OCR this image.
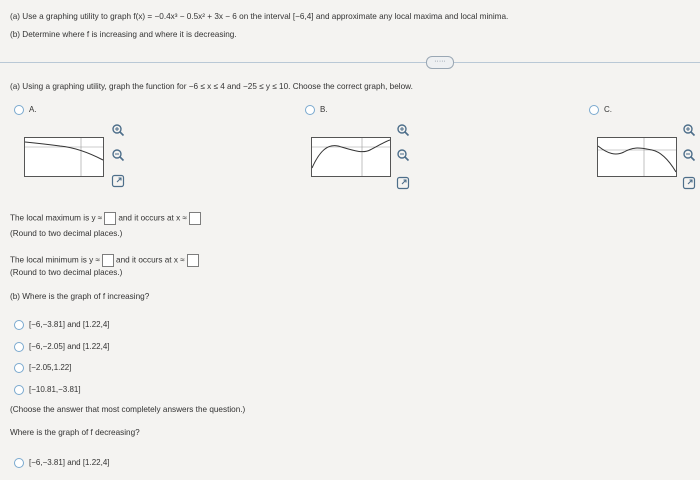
(a) Use a graphing utility to graph f(x) = −0.4x³ − 0.5x² + 3x − 6 on the interval [−6,4] and approximate any local maxima and local minima.
(b) Determine where f is increasing and where it is decreasing.
·····
(a) Using a graphing utility, graph the function for −6 ≤ x ≤ 4 and −25 ≤ y ≤ 10. Choose the correct graph, below.
A.	B.	C.
The local maximum is y ≈ and it occurs at x ≈
(Round to two decimal places.)
The local minimum is y ≈ and it occurs at x ≈
(Round to two decimal places.)
(b) Where is the graph of f increasing?
[−6,−3.81] and [1.22,4]
[−6,−2.05] and [1.22,4]
[−2.05,1.22]
[−10.81,−3.81]
(Choose the answer that most completely answers the question.)
Where is the graph of f decreasing?
[−6,−3.81] and [1.22,4]
